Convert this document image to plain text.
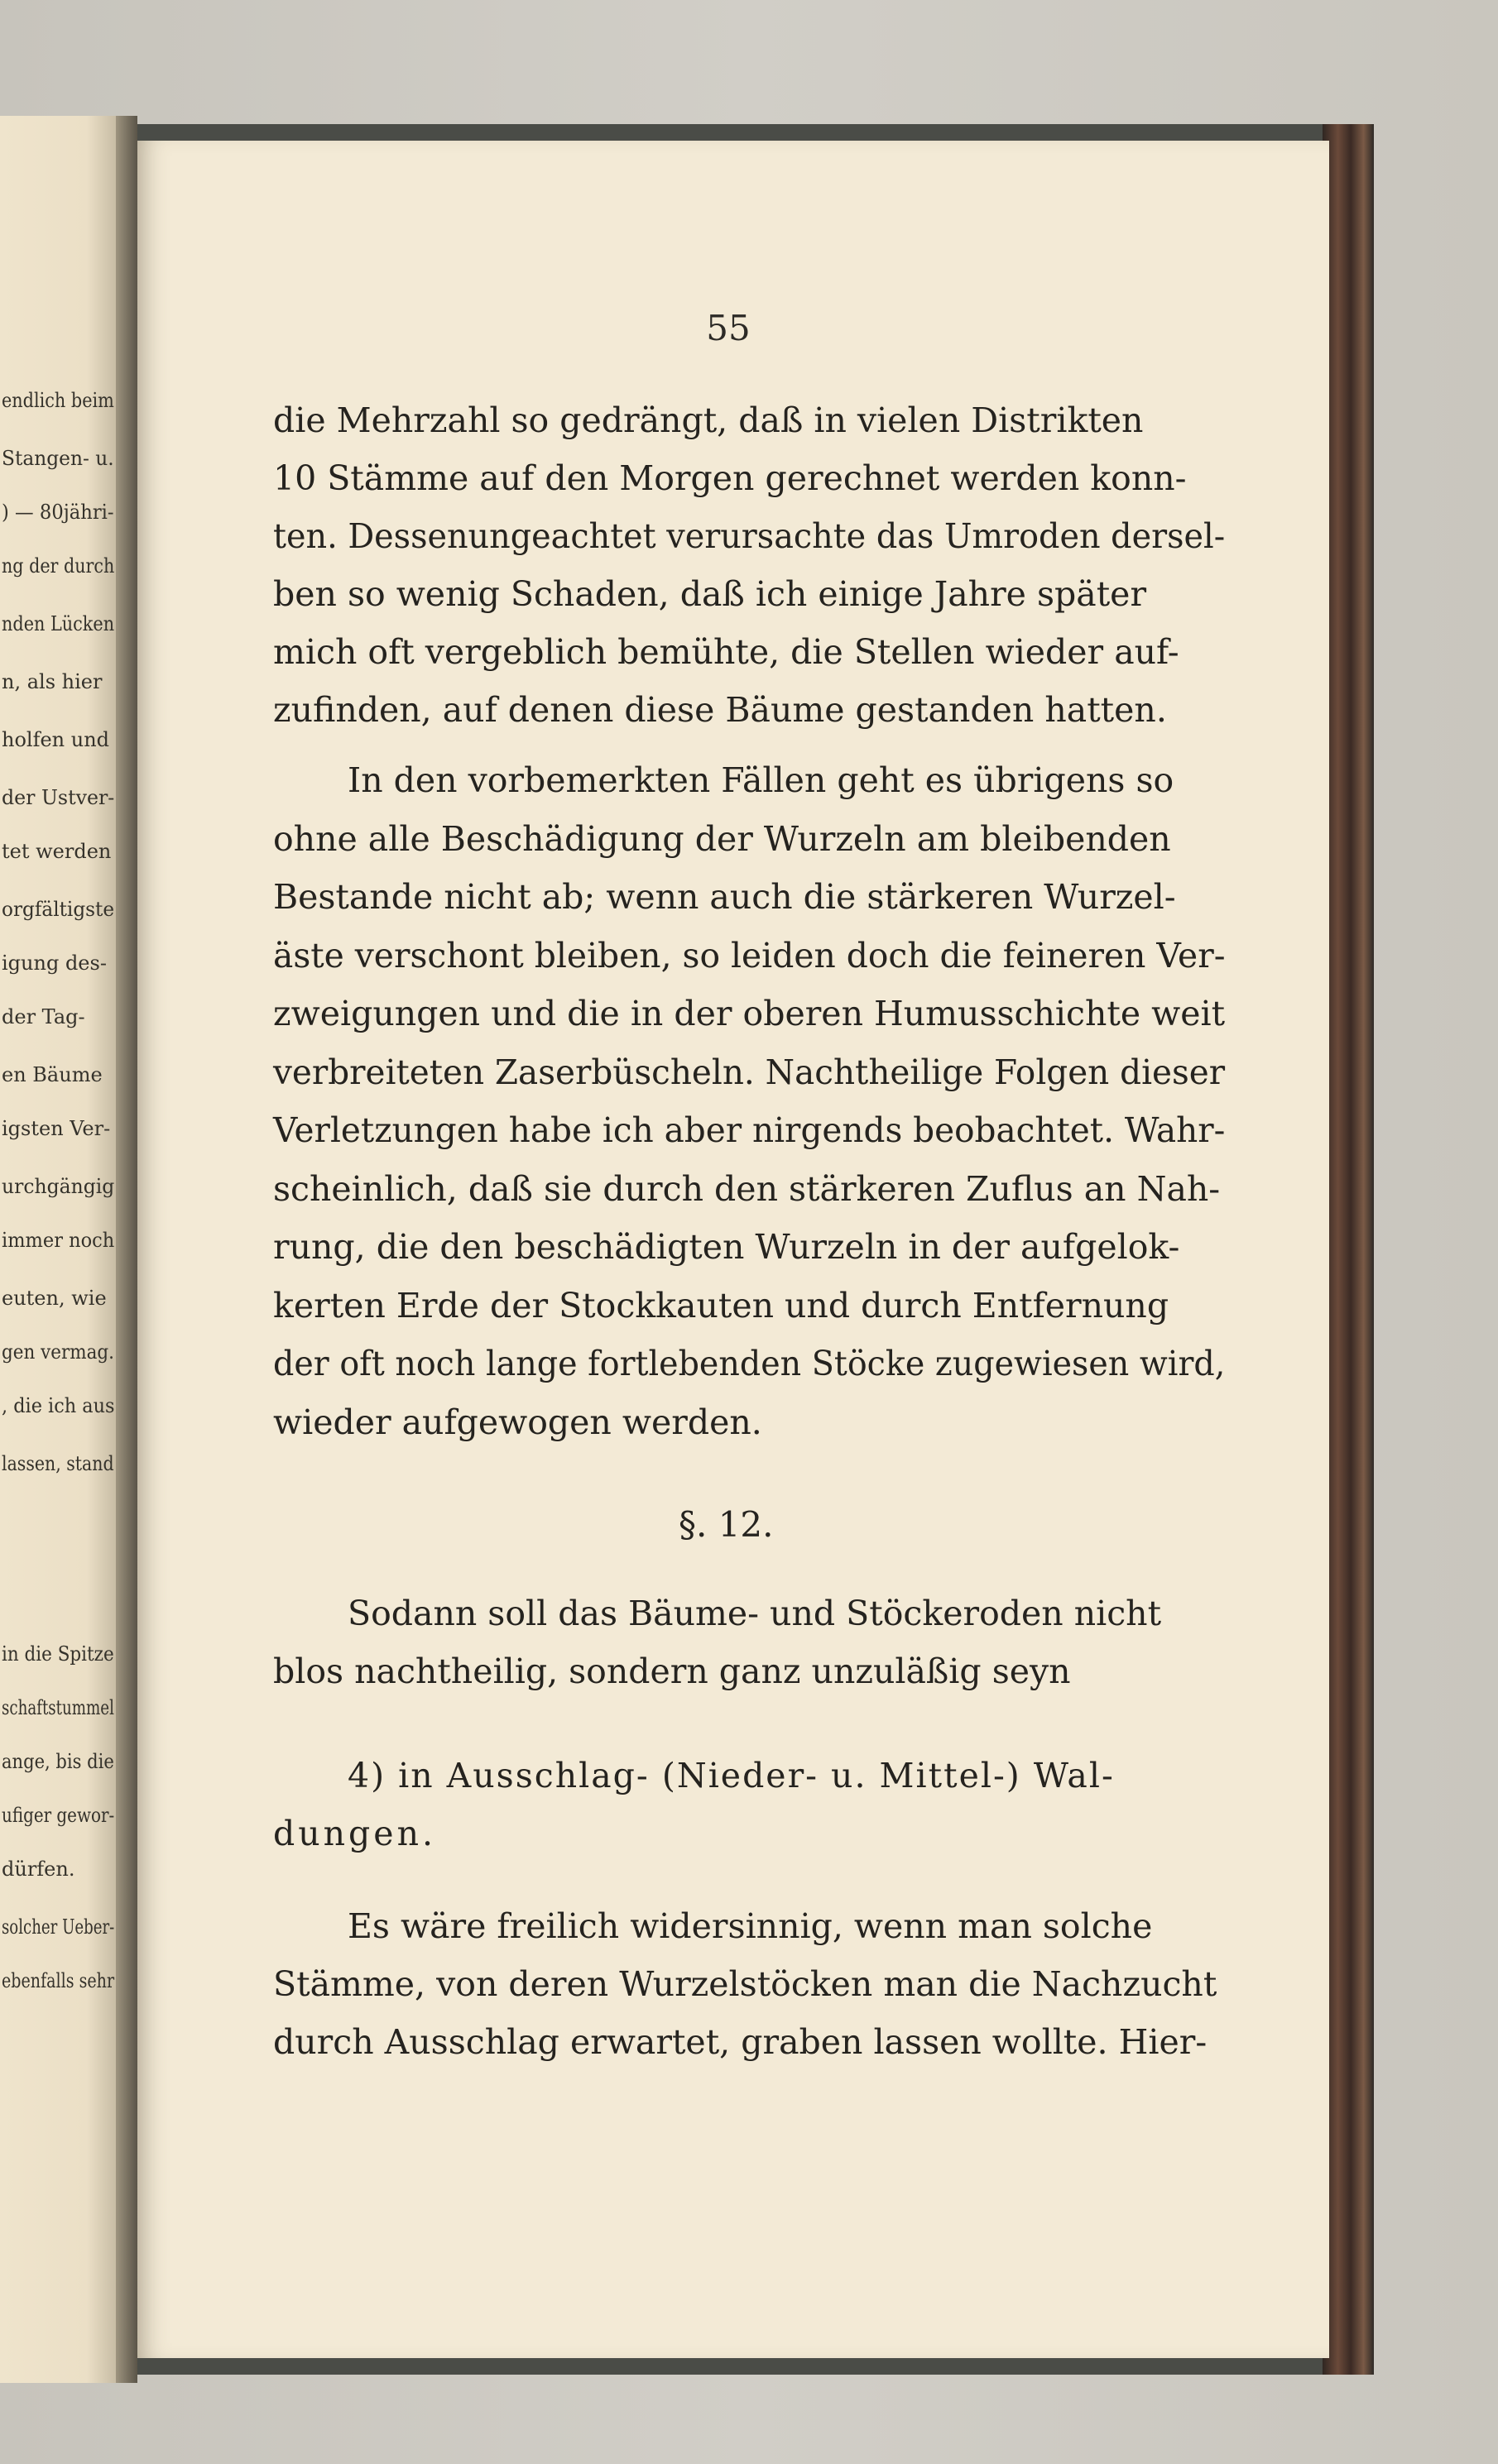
endlich beim
Stangen- u.
) — 80jähri-
ng der durch
nden Lücken
n, als hier
holfen und
der Ustver-
tet werden
orgfältigste
igung des-
der Tag-
en Bäume
igsten Ver-
urchgängig
immer noch
euten, wie
gen vermag.
, die ich aus
lassen, stand
in die Spitze
schaftstummel
ange, bis die
ufiger gewor-
dürfen.
solcher Ueber-
ebenfalls sehr
55
die Mehrzahl so gedrängt, daß in vielen Distrikten
10 Stämme auf den Morgen gerechnet werden konn-
ten. Dessenungeachtet verursachte das Umroden dersel-
ben so wenig Schaden, daß ich einige Jahre später
mich oft vergeblich bemühte, die Stellen wieder auf-
zufinden, auf denen diese Bäume gestanden hatten.
In den vorbemerkten Fällen geht es übrigens so
ohne alle Beschädigung der Wurzeln am bleibenden
Bestande nicht ab; wenn auch die stärkeren Wurzel-
äste verschont bleiben, so leiden doch die feineren Ver-
zweigungen und die in der oberen Humusschichte weit
verbreiteten Zaserbüscheln. Nachtheilige Folgen dieser
Verletzungen habe ich aber nirgends beobachtet. Wahr-
scheinlich, daß sie durch den stärkeren Zuflus an Nah-
rung, die den beschädigten Wurzeln in der aufgelok-
kerten Erde der Stockkauten und durch Entfernung
der oft noch lange fortlebenden Stöcke zugewiesen wird,
wieder aufgewogen werden.
Sodann soll das Bäume- und Stöckeroden nicht
blos nachtheilig, sondern ganz unzuläßig seyn
4) in Ausschlag- (Nieder- u. Mittel-) Wal-
dungen.
Es wäre freilich widersinnig, wenn man solche
Stämme, von deren Wurzelstöcken man die Nachzucht
durch Ausschlag erwartet, graben lassen wollte. Hier-
§. 12.
